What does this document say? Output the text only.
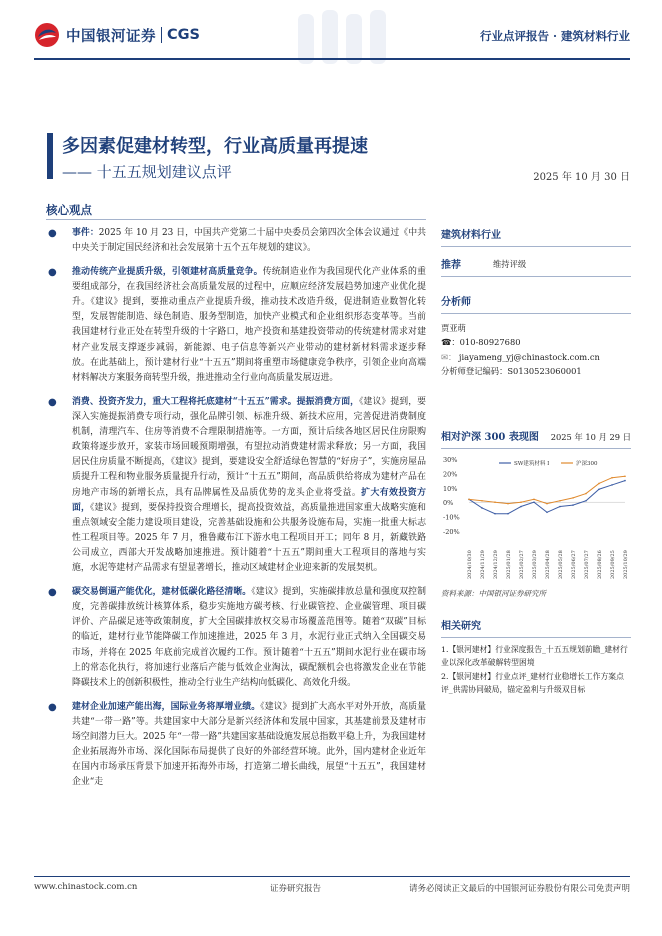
中国银河证券 CGS	行业点评报告 · 建筑材料行业
多因素促建材转型，行业高质量再提速
—— 十五五规划建议点评	2025 年 10 月 30 日
核心观点
● 事件：2025 年 10 月 23 日，中国共产党第二十届中央委员会第四次全体会议通过《中共中央关于制定国民经济和社会发展第十五个五年规划的建议》。
● 推动传统产业提质升级，引领建材高质量竞争。传统制造业作为我国现代化产业体系的重要组成部分，在我国经济社会高质量发展的过程中，应顺应经济发展趋势加速产业优化提升。《建议》提到，要推动重点产业提质升级，推动技术改造升级，促进制造业数智化转型，发展智能制造、绿色制造、服务型制造，加快产业模式和企业组织形态变革等。当前我国建材行业正处在转型升级的十字路口，地产投资和基建投资带动的传统建材需求对建材产业发展支撑逐步减弱，新能源、电子信息等新兴产业带动的建材新材料需求逐步释放。在此基础上，预计建材行业“十五五”期间将重塑市场健康竞争秩序，引领企业向高端材料解决方案服务商转型升级，推进推动全行业向高质量发展迈进。
● 消费、投资齐发力，重大工程将托底建材“十五五”需求。提振消费方面，《建议》提到，要深入实施提振消费专项行动，强化品牌引领、标准升级、新技术应用，完善促进消费制度机制，清理汽车、住房等消费不合理限制措施等。一方面，预计后续各地区居民住房限购政策将逐步放开，家装市场回暖预期增强，有望拉动消费建材需求释放；另一方面，我国居民住房质量不断提高，《建议》提到，要建设安全舒适绿色智慧的“好房子”，实施房屋品质提升工程和物业服务质量提升行动，预计“十五五”期间，高品质供给将成为建材产品在房地产市场的新增长点，具有品牌属性及品质优势的龙头企业将受益。扩大有效投资方面，《建议》提到，要保持投资合理增长，提高投资效益，高质量推进国家重大战略实施和重点领域安全能力建设项目建设，完善基础设施和公共服务设施布局，实施一批重大标志性工程项目等。2025 年 7 月，雅鲁藏布江下游水电工程项目开工；同年 8 月，新藏铁路公司成立，西部大开发战略加速推进。预计随着“十五五”期间重大工程项目的落地与实施，水泥等建材产品需求有望显著增长，推动区域建材企业迎来新的发展契机。
● 碳交易倒逼产能优化，建材低碳化路径清晰。《建议》提到，实施碳排放总量和强度双控制度，完善碳排放统计核算体系，稳步实施地方碳考核、行业碳管控、企业碳管理、项目碳评价、产品碳足迹等政策制度，扩大全国碳排放权交易市场覆盖范围等。随着“双碳”目标的临近，建材行业节能降碳工作加速推进，2025 年 3 月，水泥行业正式纳入全国碳交易市场，并将在 2025 年底前完成首次履约工作。预计随着“十五五”期间水泥行业在碳市场上的常态化执行，将加速行业落后产能与低效企业淘汰，碳配额机会也将激发企业在节能降碳技术上的创新积极性，推动全行业生产结构向低碳化、高效化升级。
● 建材企业加速产能出海，国际业务将厚增业绩。《建议》提到扩大高水平对外开放，高质量共建“一带一路”等。共建国家中大部分是新兴经济体和发展中国家，其基建前景及建材市场空间潜力巨大。2025 年“一带一路”共建国家基础设施发展总指数平稳上升，为我国建材企业拓展海外市场、深化国际布局提供了良好的外部经营环境。此外，国内建材企业近年在国内市场承压背景下加速开拓海外市场，打造第二增长曲线，展望“十五五”，我国建材企业“走
建筑材料行业
推荐	维持评级
分析师
贾亚萌
☎：010-80927680
✉： jiayameng_yj@chinastock.com.cn
分析师登记编码：S0130523060001
相对沪深 300 表现图 2025 年 10 月 29 日
30%
20%
10%
0%
-10%
-20%
2024/10/30 2024/11/29 2024/12/29 2025/01/28 2025/02/27 2025/03/29 2025/04/28 2025/05/28 2025/06/27 2025/07/27 2025/08/26 2025/09/25 2025/10/29
SW建筑材料 I	沪深300
资料来源：中国银河证券研究所
相关研究

1.【银河建材】行业深度报告_十五五规划前瞻_建材行业以深化改革破解转型困境

2.【银河建材】行业点评_建材行业稳增长工作方案点评_供需协同破局，锚定盈利与升级双目标

www.chinastock.com.cn	证券研究报告	请务必阅读正文最后的中国银河证券股份有限公司免责声明
